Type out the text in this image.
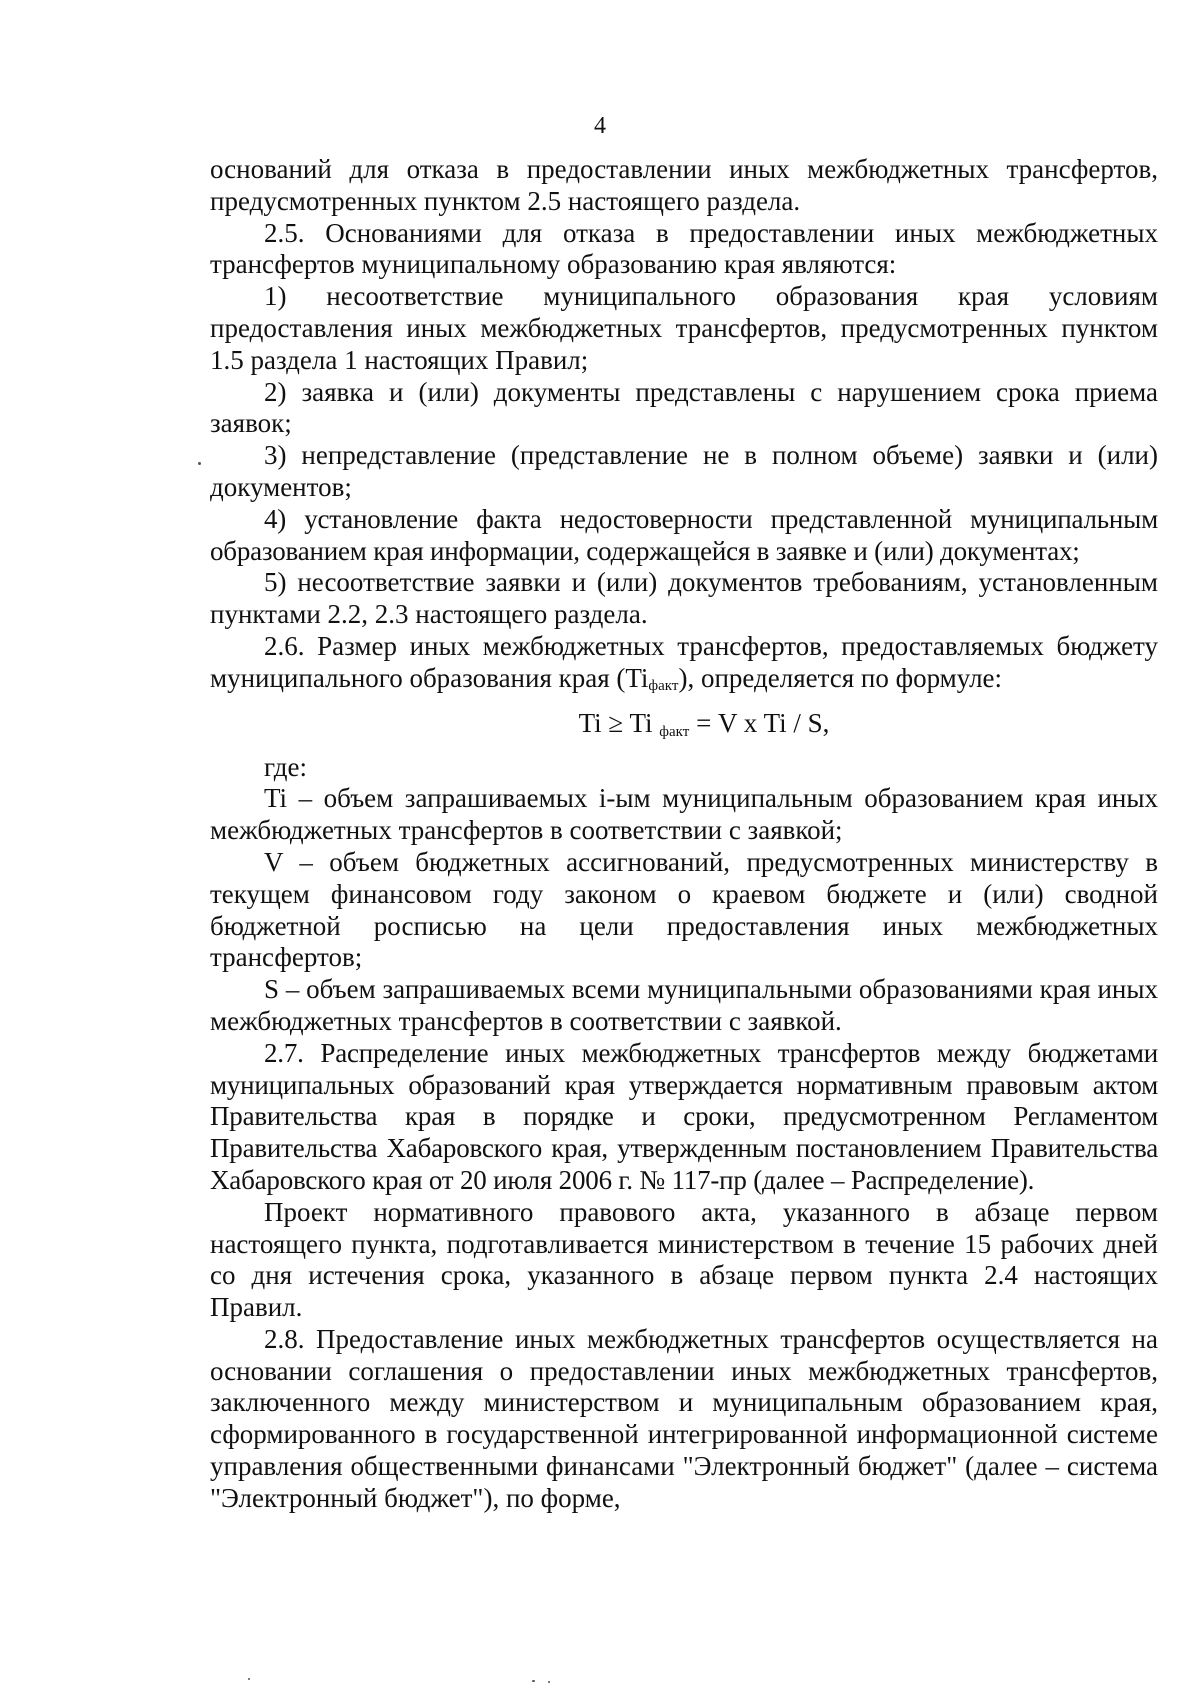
4

оснований для отказа в предоставлении иных межбюджетных трансфертов, предусмотренных пунктом 2.5 настоящего раздела.

2.5. Основаниями для отказа в предоставлении иных межбюджетных трансфертов муниципальному образованию края являются:

1) несоответствие муниципального образования края условиям предоставления иных межбюджетных трансфертов, предусмотренных пунктом 1.5 раздела 1 настоящих Правил;

2) заявка и (или) документы представлены с нарушением срока приема заявок;

3) непредставление (представление не в полном объеме) заявки и (или) документов;

4) установление факта недостоверности представленной муниципальным образованием края информации, содержащейся в заявке и (или) документах;

5) несоответствие заявки и (или) документов требованиям, установленным пунктами 2.2, 2.3 настоящего раздела.

2.6. Размер иных межбюджетных трансфертов, предоставляемых бюджету муниципального образования края $(Ti_{факт})$, определяется по формуле:

Ti ≥ Ti $_{факт}$ = V x Ti / S,

где:

Ti – объем запрашиваемых i-ым муниципальным образованием края иных межбюджетных трансфертов в соответствии с заявкой;

V – объем бюджетных ассигнований, предусмотренных министерству в текущем финансовом году законом о краевом бюджете и (или) сводной бюджетной росписью на цели предоставления иных межбюджетных трансфертов;

S – объем запрашиваемых всеми муниципальными образованиями края иных межбюджетных трансфертов в соответствии с заявкой.

2.7. Распределение иных межбюджетных трансфертов между бюджетами муниципальных образований края утверждается нормативным правовым актом Правительства края в порядке и сроки, предусмотренном Регламентом Правительства Хабаровского края, утвержденным постановлением Правительства Хабаровского края от 20 июля 2006 г. № 117-пр (далее – Распределение).

Проект нормативного правового акта, указанного в абзаце первом настоящего пункта, подготавливается министерством в течение 15 рабочих дней со дня истечения срока, указанного в абзаце первом пункта 2.4 настоящих Правил.

2.8. Предоставление иных межбюджетных трансфертов осуществляется на основании соглашения о предоставлении иных межбюджетных трансфертов, заключенного между министерством и муниципальным образованием края, сформированного в государственной интегрированной информационной системе управления общественными финансами "Электронный бюджет" (далее – система "Электронный бюджет"), по форме,
